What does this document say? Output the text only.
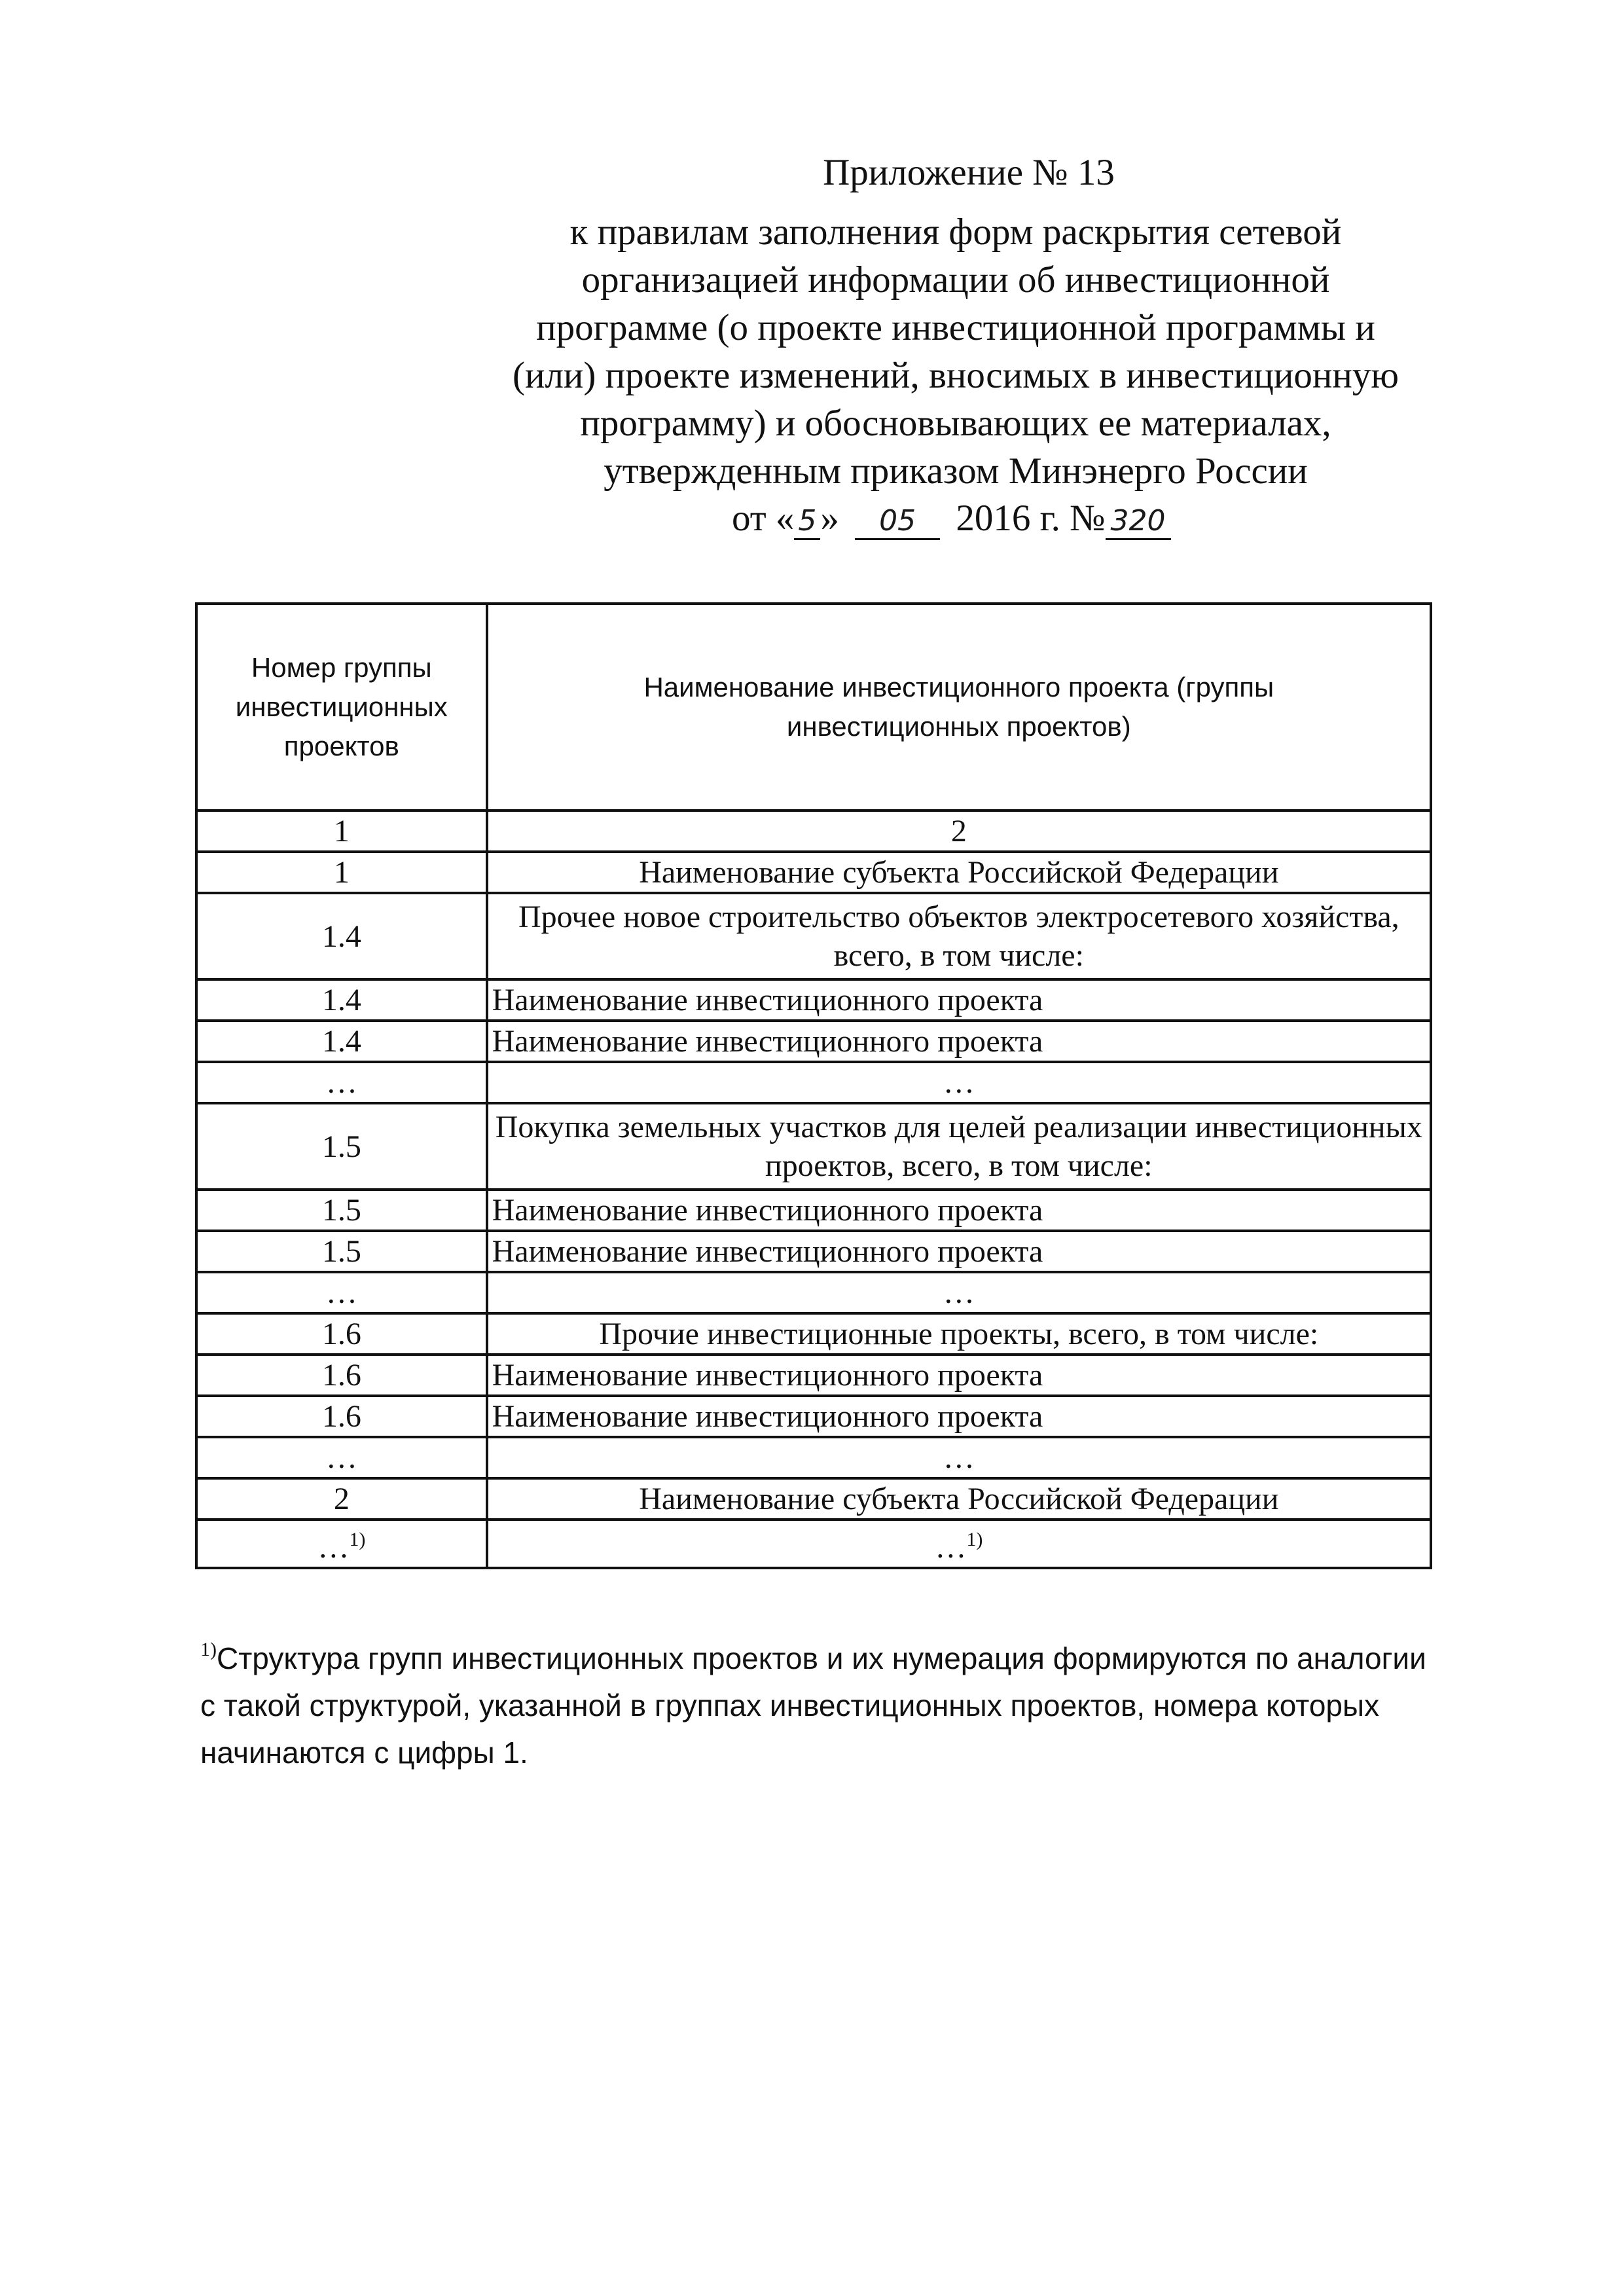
Приложение № 13
к правилам заполнения форм раскрытия сетевой
организацией информации об инвестиционной
программе (о проекте инвестиционной программы и
(или) проекте изменений, вносимых в инвестиционную
программу) и обосновывающих ее материалах,
утвержденным приказом Минэнерго России
от « 5 » 05 2016 г. № 320
Номер группы инвестиционных проектов	Наименование инвестиционного проекта (группы инвестиционных проектов)
1	2
1	Наименование субъекта Российской Федерации
1.4	Прочее новое строительство объектов электросетевого хозяйства, всего, в том числе:
1.4	Наименование инвестиционного проекта
1.4	Наименование инвестиционного проекта
…	…
1.5	Покупка земельных участков для целей реализации инвестиционных проектов, всего, в том числе:
1.5	Наименование инвестиционного проекта
1.5	Наименование инвестиционного проекта
…	…
1.6	Прочие инвестиционные проекты, всего, в том числе:
1.6	Наименование инвестиционного проекта
1.6	Наименование инвестиционного проекта
…	…
2	Наименование субъекта Российской Федерации
…$^{1)}$	…$^{1)}$
$^{1)}$Структура групп инвестиционных проектов и их нумерация формируются по аналогии с такой структурой, указанной в группах инвестиционных проектов, номера которых начинаются с цифры 1.
